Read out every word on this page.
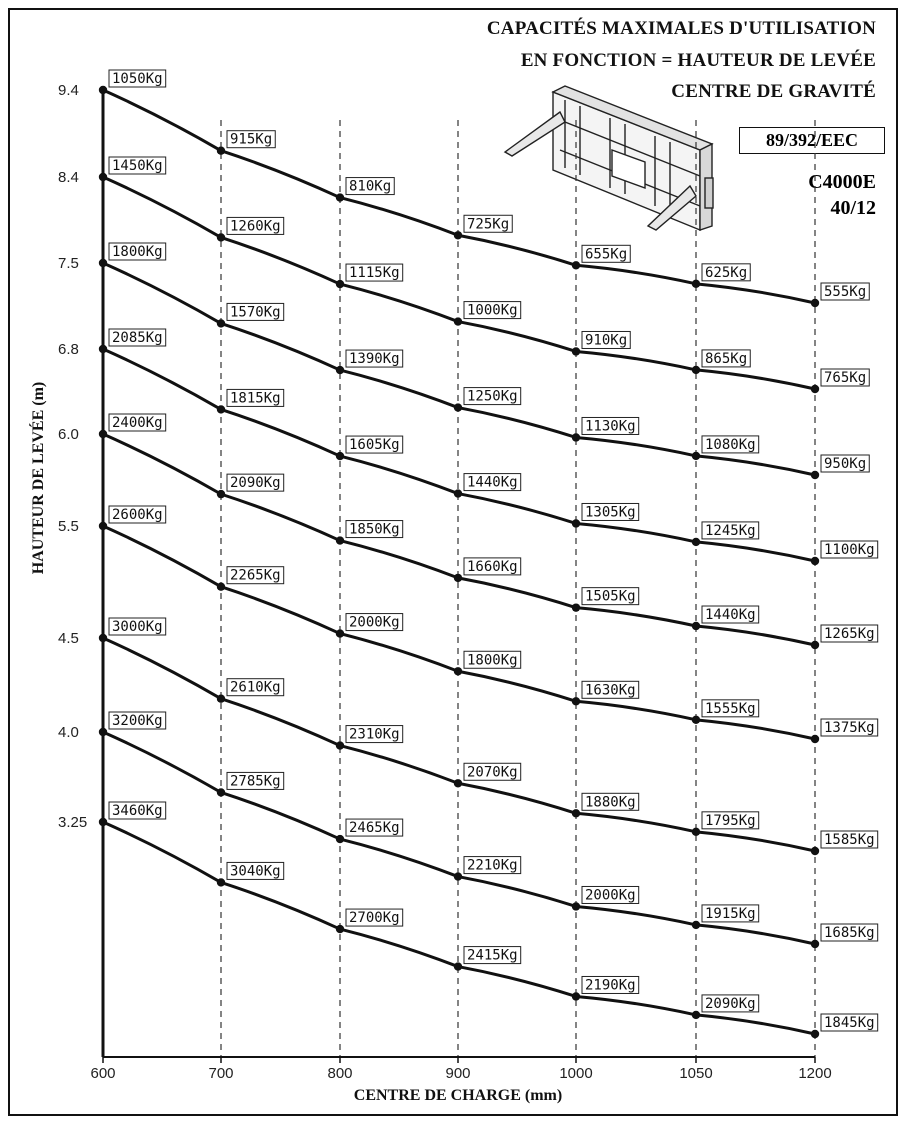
CAPACITÉS MAXIMALES D'UTILISATION
EN FONCTION = HAUTEUR DE LEVÉE
CENTRE DE GRAVITÉ
89/392/EEC
C4000E
40/12
600	700	800	900	1000	1050	1200
9.4
8.4
7.5
6.8
6.0
5.5
4.5
4.0
3.25
CENTRE DE CHARGE (mm)
HAUTEUR DE LEVÉE (m)
1050Kg
915Kg
810Kg
725Kg
655Kg
625Kg
555Kg
1450Kg
1260Kg
1115Kg
1000Kg
910Kg
865Kg
765Kg
1800Kg
1570Kg
1390Kg
1250Kg
1130Kg
1080Kg
950Kg
2085Kg
1815Kg
1605Kg
1440Kg
1305Kg
1245Kg
1100Kg
2400Kg
2090Kg
1850Kg
1660Kg
1505Kg
1440Kg
1265Kg
2600Kg
2265Kg
2000Kg
1800Kg
1630Kg
1555Kg
1375Kg
3000Kg
2610Kg
2310Kg
2070Kg
1880Kg
1795Kg
1585Kg
3200Kg
2785Kg
2465Kg
2210Kg
2000Kg
1915Kg
1685Kg
3460Kg
3040Kg
2700Kg
2415Kg
2190Kg
2090Kg
1845Kg
